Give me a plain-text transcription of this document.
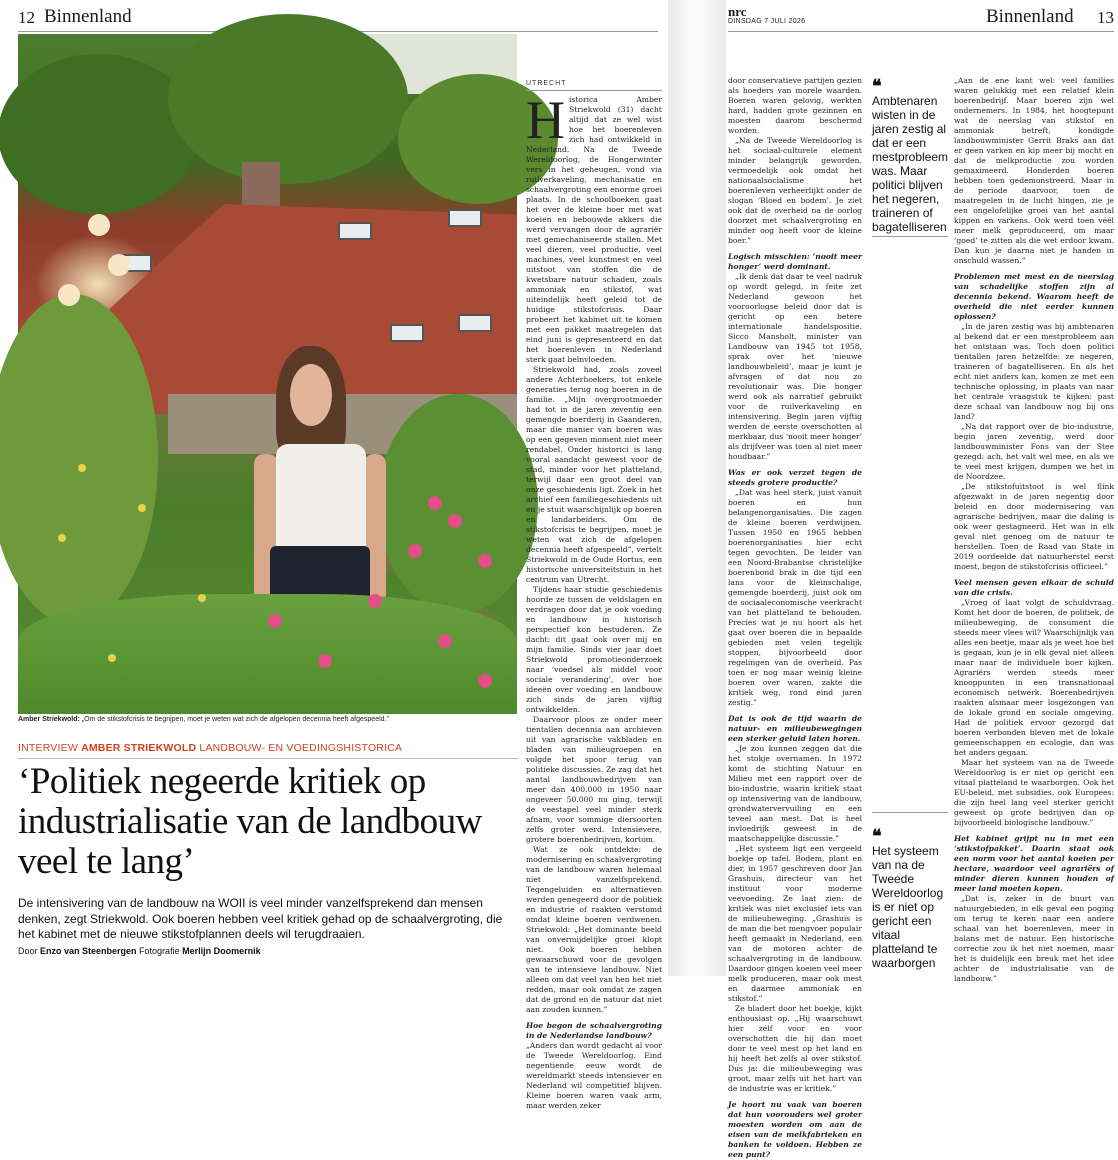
12 Binnenland
Amber Striekwold: „Om de stikstofcrisis te begrijpen, moet je weten wat zich de afgelopen decennia heeft afgespeeld.”
INTERVIEW AMBER STRIEKWOLD LANDBOUW- EN VOEDINGSHISTORICA
‘Politiek negeerde kritiek op industrialisatie van de landbouw veel te lang’
De intensivering van de landbouw na WOII is veel minder vanzelfsprekend dan mensen denken, zegt Striekwold. Ook boeren hebben veel kritiek gehad op de schaalvergroting, die het kabinet met de nieuwe stikstofplannen deels wil terugdraaien.
Door Enzo van Steenbergen Fotografie Merlijn Doomernik
UTRECHT

Historica Amber Striekwold (31) dacht altijd dat ze wel wist hoe het boerenleven zich had ontwikkeld in Nederland. Na de Tweede Wereldoorlog, de Hongerwinter vers in het geheugen, vond via ruilverkaveling, mechanisatie en schaalvergroting een enorme groei plaats. In de schoolboeken gaat het over de kleine boer met wat koeien en bebouwde akkers die werd vervangen door de agrariër met gemechaniseerde stallen. Met veel dieren, veel productie, veel machines, veel kunstmest en veel uitstoot van stoffen die de kwetsbare natuur schaden, zoals ammoniak en stikstof, wat uiteindelijk heeft geleid tot de huidige stikstofcrisis. Daar probeert het kabinet uit te komen met een pakket maatregelen dat eind juni is gepresenteerd en dat het boerenleven in Nederland sterk gaat beïnvloeden.

Striekwold had, zoals zoveel andere Achterhoekers, tot enkele generaties terug nog boeren in de familie. „Mijn overgrootmoeder had tot in de jaren zeventig een gemengde boerderij in Gaanderen, maar die manier van boeren was op een gegeven moment niet meer rendabel. Onder historici is lang vooral aandacht geweest voor de stad, minder voor het platteland, terwijl daar een groot deel van onze geschiedenis ligt. Zoek in het archief een familiegeschiedenis uit en je stuit waarschijnlijk op boeren en landarbeiders. Om de stikstofcrisis te begrijpen, moet je weten wat zich de afgelopen decennia heeft afgespeeld”, vertelt Striekwold in de Oude Hortus, een historische universiteitstuin in het centrum van Utrecht.

Tijdens haar studie geschiedenis hoorde ze tussen de veldslagen en verdragen door dat je ook voeding en landbouw in historisch perspectief kon bestuderen. Ze dacht: dit gaat ook over mij en mijn familie. Sinds vier jaar doet Striekwold promotieonderzoek naar ‘voedsel als middel voor sociale verandering’, over hoe ideeën over voeding en landbouw zich sinds de jaren vijftig ontwikkelden.

Daarvoor ploos ze onder meer tientallen decennia aan archieven uit van agrarische vakbladen en bladen van milieugroepen en volgde het spoor terug van politieke discussies. Ze zag dat het aantal landbouwbedrijven van meer dan 400.000 in 1950 naar ongeveer 50.000 nu ging, terwijl de veestapel veel minder sterk afnam, voor sommige diersoorten zelfs groter werd. Intensievere, grotere boerenbedrijven, kortom.

Wat ze ook ontdekte: de modernisering en schaalvergroting van de landbouw waren helemaal niet vanzelfsprekend. Tegengeluiden en alternatieven werden genegeerd door de politiek en industrie of raakten verstomd omdat kleine boeren verdwenen. Striekwold: „Het dominante beeld van onvermijdelijke groei klopt niet. Ook boeren hebben gewaarschuwd voor de gevolgen van te intensieve landbouw. Niet alleen om dat veel van hen het niet redden, maar ook omdat ze zagen dat de grond en de natuur dat niet aan zouden kunnen.”

Hoe begon de schaalvergroting in de Nederlandse landbouw?

„Anders dan wordt gedacht al voor de Tweede Wereldoorlog. Eind negentiende eeuw wordt de wereldmarkt steeds intensiever en Nederland wil competitief blijven. Kleine boeren waren vaak arm, maar werden zeker

nrc
DINSDAG 7 JULI 2026	Binnenland 13

door conservatieve partijen gezien als hoeders van morele waarden. Boeren waren gelovig, werkten hard, hadden grote gezinnen en moesten daarom beschermd worden.

„Na de Tweede Wereldoorlog is het sociaal-culturele element minder belangrijk geworden, vermoedelijk ook omdat het nationaalsocialisme het boerenleven verheerlijkt onder de slogan ‘Bloed en bodem’. Je ziet ook dat de overheid na de oorlog doorzet met schaalvergroting en minder oog heeft voor de kleine boer.”

Logisch misschien: ‘nooit meer honger’ werd dominant.

„Ik denk dat daar te veel nadruk op wordt gelegd, in feite zet Nederland gewoon het vooroorlogse beleid door dat is gericht op een betere internationale handelspositie. Sicco Mansholt, minister van Landbouw van 1945 tot 1958, sprak over het ‘nieuwe landbouwbeleid’, maar je kunt je afvragen of dat nou zo revolutionair was. Die honger werd ook als narratief gebruikt voor de ruilverkaveling en intensivering. Begin jaren vijftig werden de eerste overschotten al merkbaar, dus ‘nooit meer honger’ als drijfveer was toen al niet meer houdbaar.”

Was er ook verzet tegen de steeds grotere productie?

„Dat was heel sterk, juist vanuit boeren en hun belangenorganisaties. Die zagen de kleine boeren verdwijnen. Tussen 1950 en 1965 hebben boerenorganisaties hier echt tegen gevochten. De leider van een Noord-Brabantse christelijke boerenbond brak in die tijd een lans voor de kleinschalige, gemengde boerderij, juist ook om de sociaaleconomische veerkracht van het platteland te behouden. Precies wat je nu hoort als het gaat over boeren die in bepaalde gebieden met velen tegelijk stoppen, bijvoorbeeld door regelingen van de overheid. Pas toen er nog maar weinig kleine boeren over waren, zakte die kritiek weg, rond eind jaren zestig.”

Dat is ook de tijd waarin de natuur- en milieubewegingen een sterker geluid laten horen.

„Je zou kunnen zeggen dat die het stokje overnamen. In 1972 komt de stichting Natuur en Milieu met een rapport over de bio-industrie, waarin kritiek staat op intensivering van de landbouw, grondwatervervuiling en een teveel aan mest. Dat is heel invloedrijk geweest in de maatschappelijke discussie.”

„Het systeem ligt een vergeeld boekje op tafel. Bodem, plant en dier, in 1957 geschreven door Jan Grashuis, directeur van het instituut voor moderne veevoeding. Ze laat zien: de kritiek was niet exclusief iets van de milieubeweging. „Grashuis is de man die het mengvoer populair heeft gemaakt in Nederland, een van de motoren achter de schaalvergroting in de landbouw. Daardoor gingen koeien veel meer melk produceren, maar ook mest en daarmee ammoniak en stikstof.”

Ze bladert door het boekje, kijkt enthousiast op. „Hij waarschuwt hier zélf voor en voor overschotten die hij dan moet door te veel mest op het land en hij heeft het zelfs al over stikstof. Dus ja: die milieubeweging was groot, maar zelfs uit het hart van de industrie was er kritiek.”

Je hoort nu vaak van boeren dat hun voorouders wel groter moesten worden om aan de eisen van de melkfabrieken en banken te voldoen. Hebben ze een punt?

❛❛
Ambtenaren wisten in de jaren zestig al dat er een mestprobleem was. Maar politici blijven het negeren, traineren of bagatelliseren
❛❛
Het systeem van na de Tweede Wereldoorlog is er niet op gericht een vitaal platteland te waarborgen

„Aan de ene kant wel: veel families waren gelukkig met een relatief klein boerenbedrijf. Maar boeren zijn wel ondernemers. In 1984, het hoogtepunt wat de neerslag van stikstof en ammoniak betreft, kondigde landbouwminister Gerrit Braks aan dat er geen varken en kip meer bij mocht en dat de melkproductie zou worden gemaximeerd. Honderden boeren hebben toen gedemonstreerd. Maar in de periode daarvoor, toen de maatregelen in de lucht hingen, zie je een ongelofelijke groei van het aantal kippen en varkens. Ook werd toen véél meer melk geproduceerd, om maar ‘goed’ te zitten als die wet erdoor kwam. Dan kun je daarna niet je handen in onschuld wassen.”

Problemen met mest en de neerslag van schadelijke stoffen zijn al decennia bekend. Waarom heeft de overheid die niet eerder kunnen oplossen?

„In de jaren zestig was bij ambtenaren al bekend dat er een mestprobleem aan het ontstaan was. Toch doen politici tientallen jaren hetzelfde: ze negeren, traineren of bagatelliseren. En als het echt niet anders kan, komen ze met een technische oplossing, in plaats van naar het centrale vraagstuk te kijken: past deze schaal van landbouw nog bij ons land?

„Na dat rapport over de bio-industrie, begin jaren zeventig, werd door landbouwminister Fons van der Stee gezegd: ach, het valt wel mee, en als we te veel mest krijgen, dumpen we het in de Noordzee.

„De stikstofuitstoot is wel flink afgezwakt in de jaren negentig door beleid en door modernisering van agrarische bedrijven, maar die daling is ook weer gestagneerd. Het was in elk geval niet genoeg om de natuur te herstellen. Toen de Raad van State in 2019 oordeelde dat natuurherstel eerst moest, begon de stikstofcrisis officieel.”

Veel mensen geven elkaar de schuld van die crisis.

„Vroeg of laat volgt de schuldvraag. Komt het door de boeren, de politiek, de milieubeweging, de consument die steeds meer vlees wil? Waarschijnlijk van alles een beetje, maar als je weet hoe het is gegaan, kun je in elk geval niet alleen maar naar de individuele boer kijken. Agrariërs werden steeds meer knooppunten in een transnationaal economisch netwerk. Boerenbedrijven raakten alsmaar meer losgezongen van de lokale grond en sociale omgeving. Had de politiek ervoor gezorgd dat boeren verbonden bleven met de lokale gemeenschappen en ecologie, dan was het anders gegaan.

Maar het systeem van na de Tweede Wereldoorlog is er niet op gericht een vitaal platteland te waarborgen. Ook het EU-beleid, met subsidies, ook Europees: die zijn heel lang veel sterker gericht geweest op grote bedrijven dan op bijvoorbeeld biologische landbouw.”

Het kabinet grijpt nu in met een ‘stikstofpakket’. Daarin staat ook een norm voor het aantal koeien per hectare, waardoor veel agrariërs of minder dieren kunnen houden of meer land moeten kopen.

„Dat is, zeker in de buurt van natuurgebieden, in elk geval een poging om terug te keren naar een andere schaal van het boerenleven, meer in balans met de natuur. Een historische correctie zou ik het niet noemen, maar het is duidelijk een breuk met het idee achter de industrialisatie van de landbouw.”
